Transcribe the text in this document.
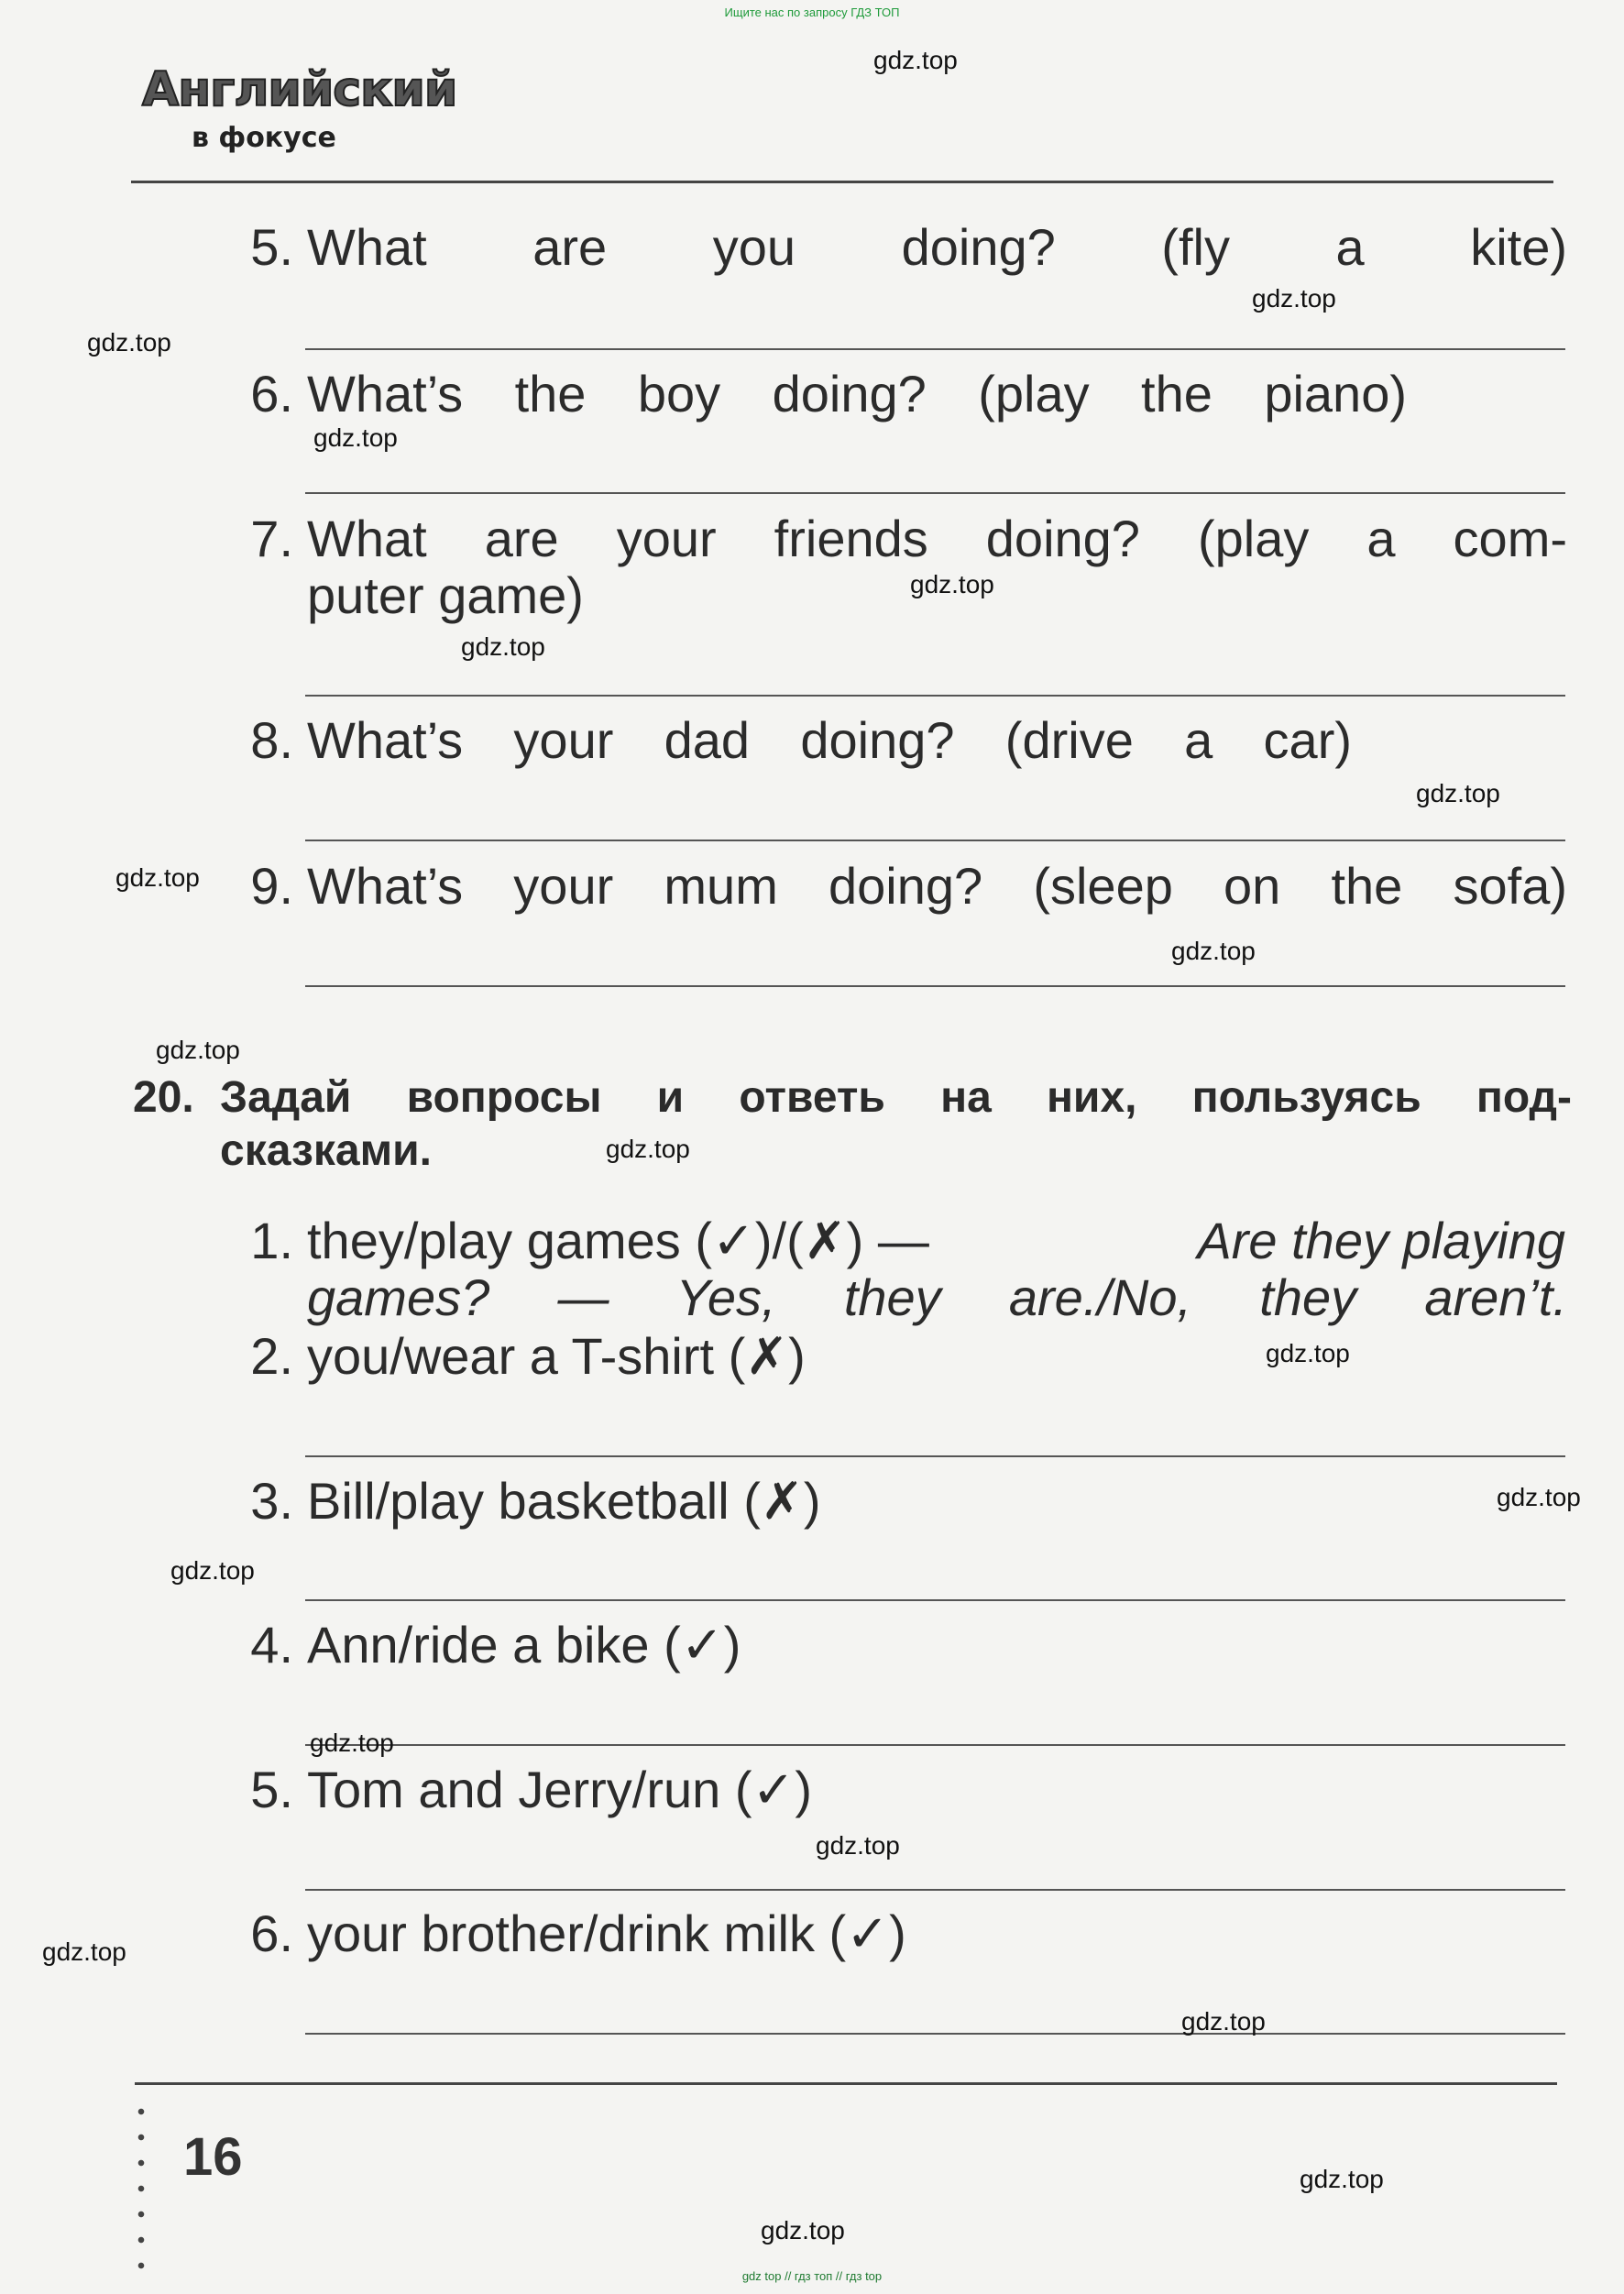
Ищите нас по запросу ГДЗ ТОП
Английский
в фокусе
5. What are you doing? (fly a kite)
6. What’s the boy doing? (play the piano)
7. What are your friends doing? (play a com-
puter game)
8. What’s your dad doing? (drive a car)
9. What’s your mum doing? (sleep on the sofa)
20. Задай вопросы и ответь на них, пользуясь под-
сказками.
1. they/play games (✓)/(✗) —	Are they playing
games? — Yes, they are./No, they aren’t.
2. you/wear a T-shirt (✗)
3. Bill/play basketball (✗)
4. Ann/ride a bike (✓)
5. Tom and Jerry/run (✓)
6. your brother/drink milk (✓)
16
gdz top // гдз топ // гдз top
gdz.top
gdz.top
gdz.top
gdz.top
gdz.top
gdz.top
gdz.top
gdz.top
gdz.top
gdz.top
gdz.top
gdz.top
gdz.top
gdz.top
gdz.top
gdz.top
gdz.top
gdz.top
gdz.top
gdz.top
